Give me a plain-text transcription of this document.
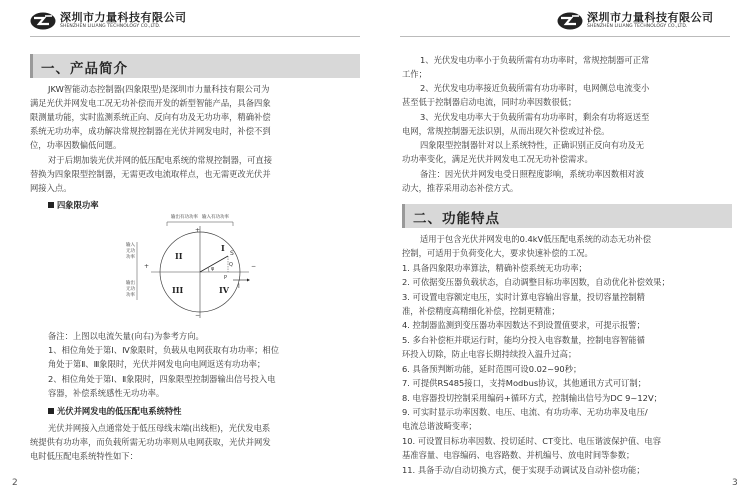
深圳市力量科技有限公司
SHENZHEN LILIANG TECHNOLOGY CO.,LTD.
一、产品简介
JKW智能动态控制器(四象限型)是深圳市力量科技有限公司为
满足光伏并网发电工况无功补偿而开发的新型智能产品，具备四象
限测量功能，实时监测系统正向、反向有功及无功功率，精确补偿
系统无功功率，成功解决常规控制器在光伏并网发电时，补偿不到
位，功率因数偏低问题。
对于后期加装光伏并网的低压配电系统的常规控制器，可直接
替换为四象限型控制器，无需更改电流取样点，也无需更改光伏并
网接入点。
四象限功率
输出有功功率 输入有功功率
输入无功功率
输出无功功率
+
+	−
−
II
I
III	IV
S
Q
φ
P
I
备注：上图以电流矢量(向右)为参考方向。
1、相位角处于第Ⅰ、Ⅳ象限时，负载从电网获取有功功率；相位
角处于第Ⅱ、Ⅲ象限时，光伏并网发电向电网返送有功功率；
2、相位角处于第Ⅰ、Ⅱ象限时，四象限型控制器输出信号投入电
容器，补偿系统感性无功功率。
光伏并网发电的低压配电系统特性
光伏并网接入点通常处于低压母线末端(出线柜)，光伏发电系
统提供有功功率，而负载所需无功功率则从电网获取，光伏并网发
电时低压配电系统特性如下：
2
深圳市力量科技有限公司
SHENZHEN LILIANG TECHNOLOGY CO.,LTD.
1、光伏发电功率小于负载所需有功功率时，常规控制器可正常
工作；
2、光伏发电功率接近负载所需有功功率时，电网侧总电流变小
甚至低于控制器启动电流，同时功率因数很低；
3、光伏发电功率大于负载所需有功功率时，剩余有功将返送至
电网，常规控制器无法识别，从而出现欠补偿或过补偿。
四象限型控制器针对以上系统特性，正确识别正反向有功及无
功功率变化，满足光伏并网发电工况无功补偿需求。
备注：因光伏并网发电受日照程度影响，系统功率因数相对波
动大，推荐采用动态补偿方式。
二、功能特点
适用于包含光伏并网发电的0.4kV低压配电系统的动态无功补偿
控制，可适用于负荷变化大，要求快速补偿的工况。
1. 具备四象限功率算法，精确补偿系统无功功率；
2. 可依据变压器负载状态，自动调整目标功率因数，自动优化补偿效果；
3. 可设置电容额定电压，实时计算电容输出容量，投切容量控制精
准，补偿精度高精细化补偿，控制更精准；
4. 控制器监测到变压器功率因数达不到设置值要求，可提示报警；
5. 多台补偿柜并联运行时，能均分投入电容数量，控制电容智能循
环投入切除，防止电容长期持续投入温升过高；
6. 具备预判断功能，延时范围可设0.02~90秒；
7. 可提供RS485接口，支持Modbus协议，其他通讯方式可订制；
8. 电容器投切控制采用编码+循环方式，控制输出信号为DC 9~12V；
9. 可实时显示功率因数、电压、电流、有功功率、无功功率及电压/
电流总谐波畸变率；
10. 可设置目标功率因数、投切延时、CT变比、电压谐波保护值、电容
基准容量、电容编码、电容路数、并机编号、放电时间等参数；
11. 具备手动/自动切换方式，便于实现手动调试及自动补偿功能；
3
